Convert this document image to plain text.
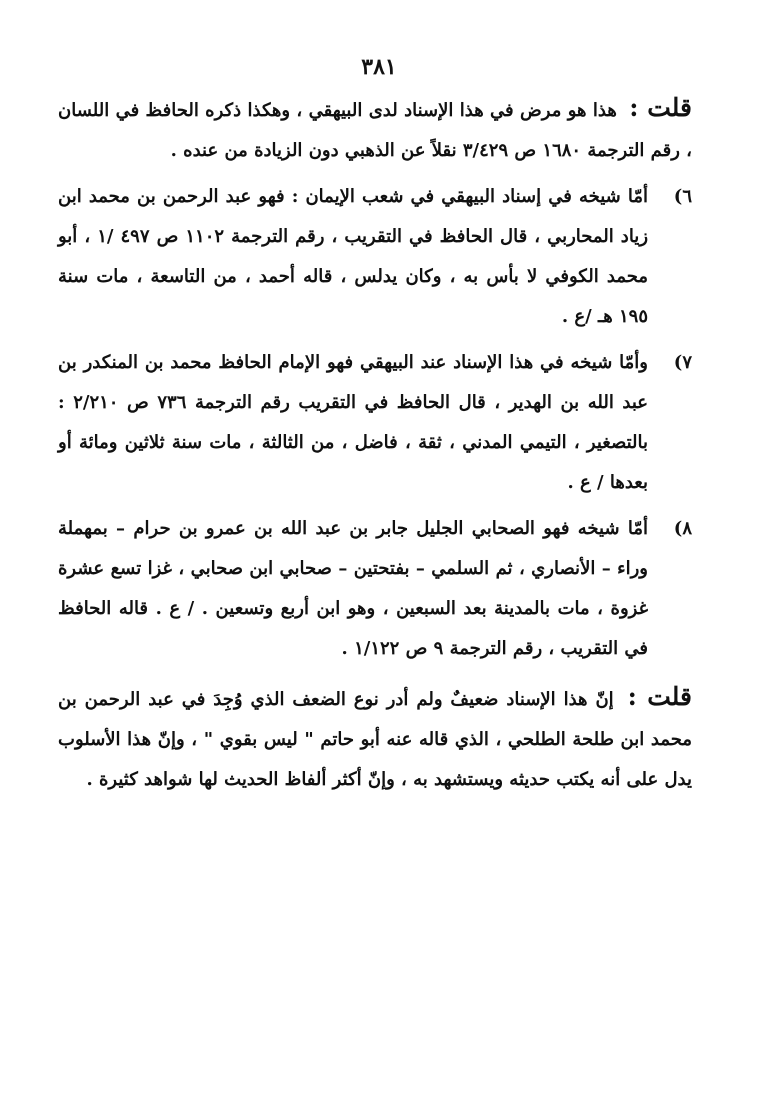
٣٨١

قلت : هذا هو مرض في هذا الإسناد لدى البيهقي ، وهكذا ذكره الحافظ في اللسان ، رقم الترجمة ١٦٨٠ ص ٣/٤٢٩ نقلاً عن الذهبي دون الزيادة من عنده .

٦)
أمّا شيخه في إسناد البيهقي في شعب الإيمان : فهو عبد الرحمن بن محمد ابن زياد المحاربي ، قال الحافظ في التقريب ، رقم الترجمة ١١٠٢ ص ٤٩٧ /١ ، أبو محمد الكوفي لا بأس به ، وكان يدلس ، قاله أحمد ، من التاسعة ، مات سنة ١٩٥ هـ /ع .

٧)
وأمّا شيخه في هذا الإسناد عند البيهقي فهو الإمام الحافظ محمد بن المنكدر بن عبد الله بن الهدير ، قال الحافظ في التقريب رقم الترجمة ٧٣٦ ص ٢/٢١٠ : بالتصغير ، التيمي المدني ، ثقة ، فاضل ، من الثالثة ، مات سنة ثلاثين ومائة أو بعدها / ع .

٨)
أمّا شيخه فهو الصحابي الجليل جابر بن عبد الله بن عمرو بن حرام – بمهملة وراء – الأنصاري ، ثم السلمي – بفتحتين – صحابي ابن صحابي ، غزا تسع عشرة غزوة ، مات بالمدينة بعد السبعين ، وهو ابن أربع وتسعين . / ع . قاله الحافظ في التقريب ، رقم الترجمة ٩ ص ١/١٢٢ .

قلت : إنّ هذا الإسناد ضعيفٌ ولم أدر نوع الضعف الذي وُجِدَ في عبد الرحمن بن محمد ابن طلحة الطلحي ، الذي قاله عنه أبو حاتم " ليس بقوي " ، وإنّ هذا الأسلوب يدل على أنه يكتب حديثه ويستشهد به ، وإنّ أكثر ألفاظ الحديث لها شواهد كثيرة .
